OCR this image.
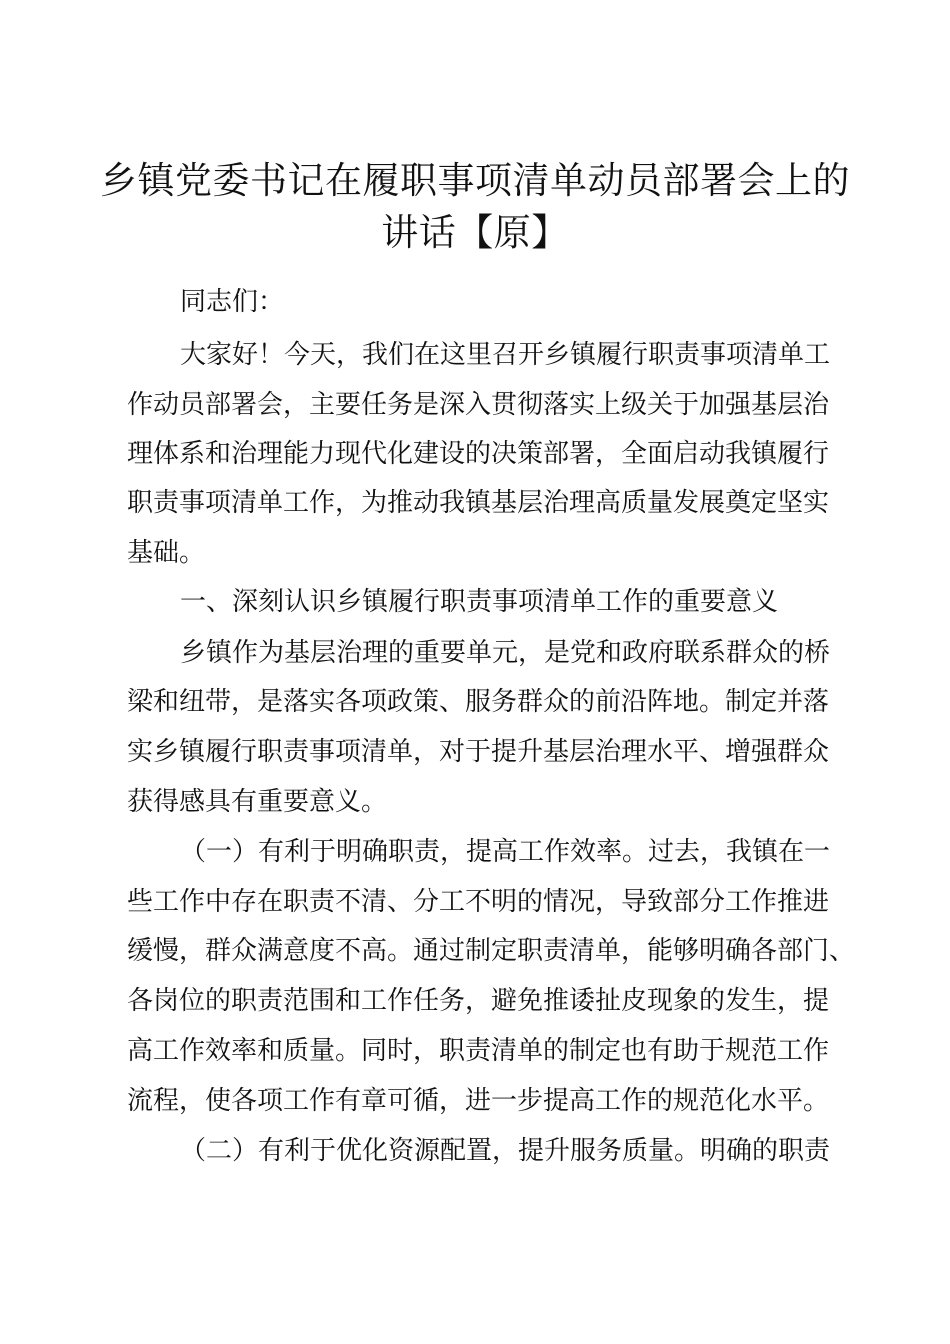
乡镇党委书记在履职事项清单动员部署会上的
讲话【原】
同志们：
大家好！今天，我们在这里召开乡镇履行职责事项清单工
作动员部署会，主要任务是深入贯彻落实上级关于加强基层治
理体系和治理能力现代化建设的决策部署，全面启动我镇履行
职责事项清单工作，为推动我镇基层治理高质量发展奠定坚实
基础。
一、深刻认识乡镇履行职责事项清单工作的重要意义
乡镇作为基层治理的重要单元，是党和政府联系群众的桥
梁和纽带，是落实各项政策、服务群众的前沿阵地。制定并落
实乡镇履行职责事项清单，对于提升基层治理水平、增强群众
获得感具有重要意义。
（一）有利于明确职责，提高工作效率。过去，我镇在一
些工作中存在职责不清、分工不明的情况，导致部分工作推进
缓慢，群众满意度不高。通过制定职责清单，能够明确各部门、
各岗位的职责范围和工作任务，避免推诿扯皮现象的发生，提
高工作效率和质量。同时，职责清单的制定也有助于规范工作
流程，使各项工作有章可循，进一步提高工作的规范化水平。
（二）有利于优化资源配置，提升服务质量。明确的职责
